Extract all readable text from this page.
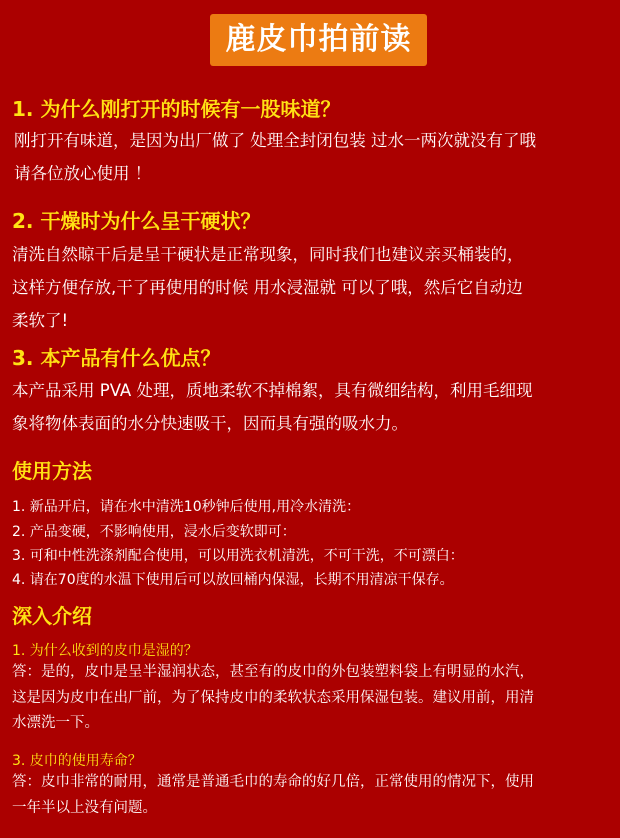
鹿皮巾拍前读
1. 为什么刚打开的时候有一股味道？
刚打开有味道，是因为出厂做了 处理全封闭包装 过水一两次就没有了哦
请各位放心使用 ！
2. 干燥时为什么呈干硬状？
清洗自然晾干后是呈干硬状是正常现象，同时我们也建议亲买桶装的，
这样方便存放,干了再使用的时候 用水浸湿就 可以了哦，然后它自动边
柔软了!
3. 本产品有什么优点？
本产品采用 PVA 处理，质地柔软不掉棉絮，具有微细结构，利用毛细现
象将物体表面的水分快速吸干，因而具有强的吸水力。
使用方法
1. 新品开启，请在水中清洗10秒钟后使用,用冷水清洗：
2. 产品变硬，不影响使用，浸水后变软即可：
3. 可和中性洗涤剂配合使用，可以用洗衣机清洗，不可干洗，不可漂白：
4. 请在70度的水温下使用后可以放回桶内保湿，长期不用清凉干保存。
深入介绍
1. 为什么收到的皮巾是湿的？
答：是的，皮巾是呈半湿润状态，甚至有的皮巾的外包装塑料袋上有明显的水汽，
这是因为皮巾在出厂前，为了保持皮巾的柔软状态采用保湿包装。建议用前，用清
水漂洗一下。
3. 皮巾的使用寿命？
答：皮巾非常的耐用，通常是普通毛巾的寿命的好几倍，正常使用的情况下，使用
一年半以上没有问题。
